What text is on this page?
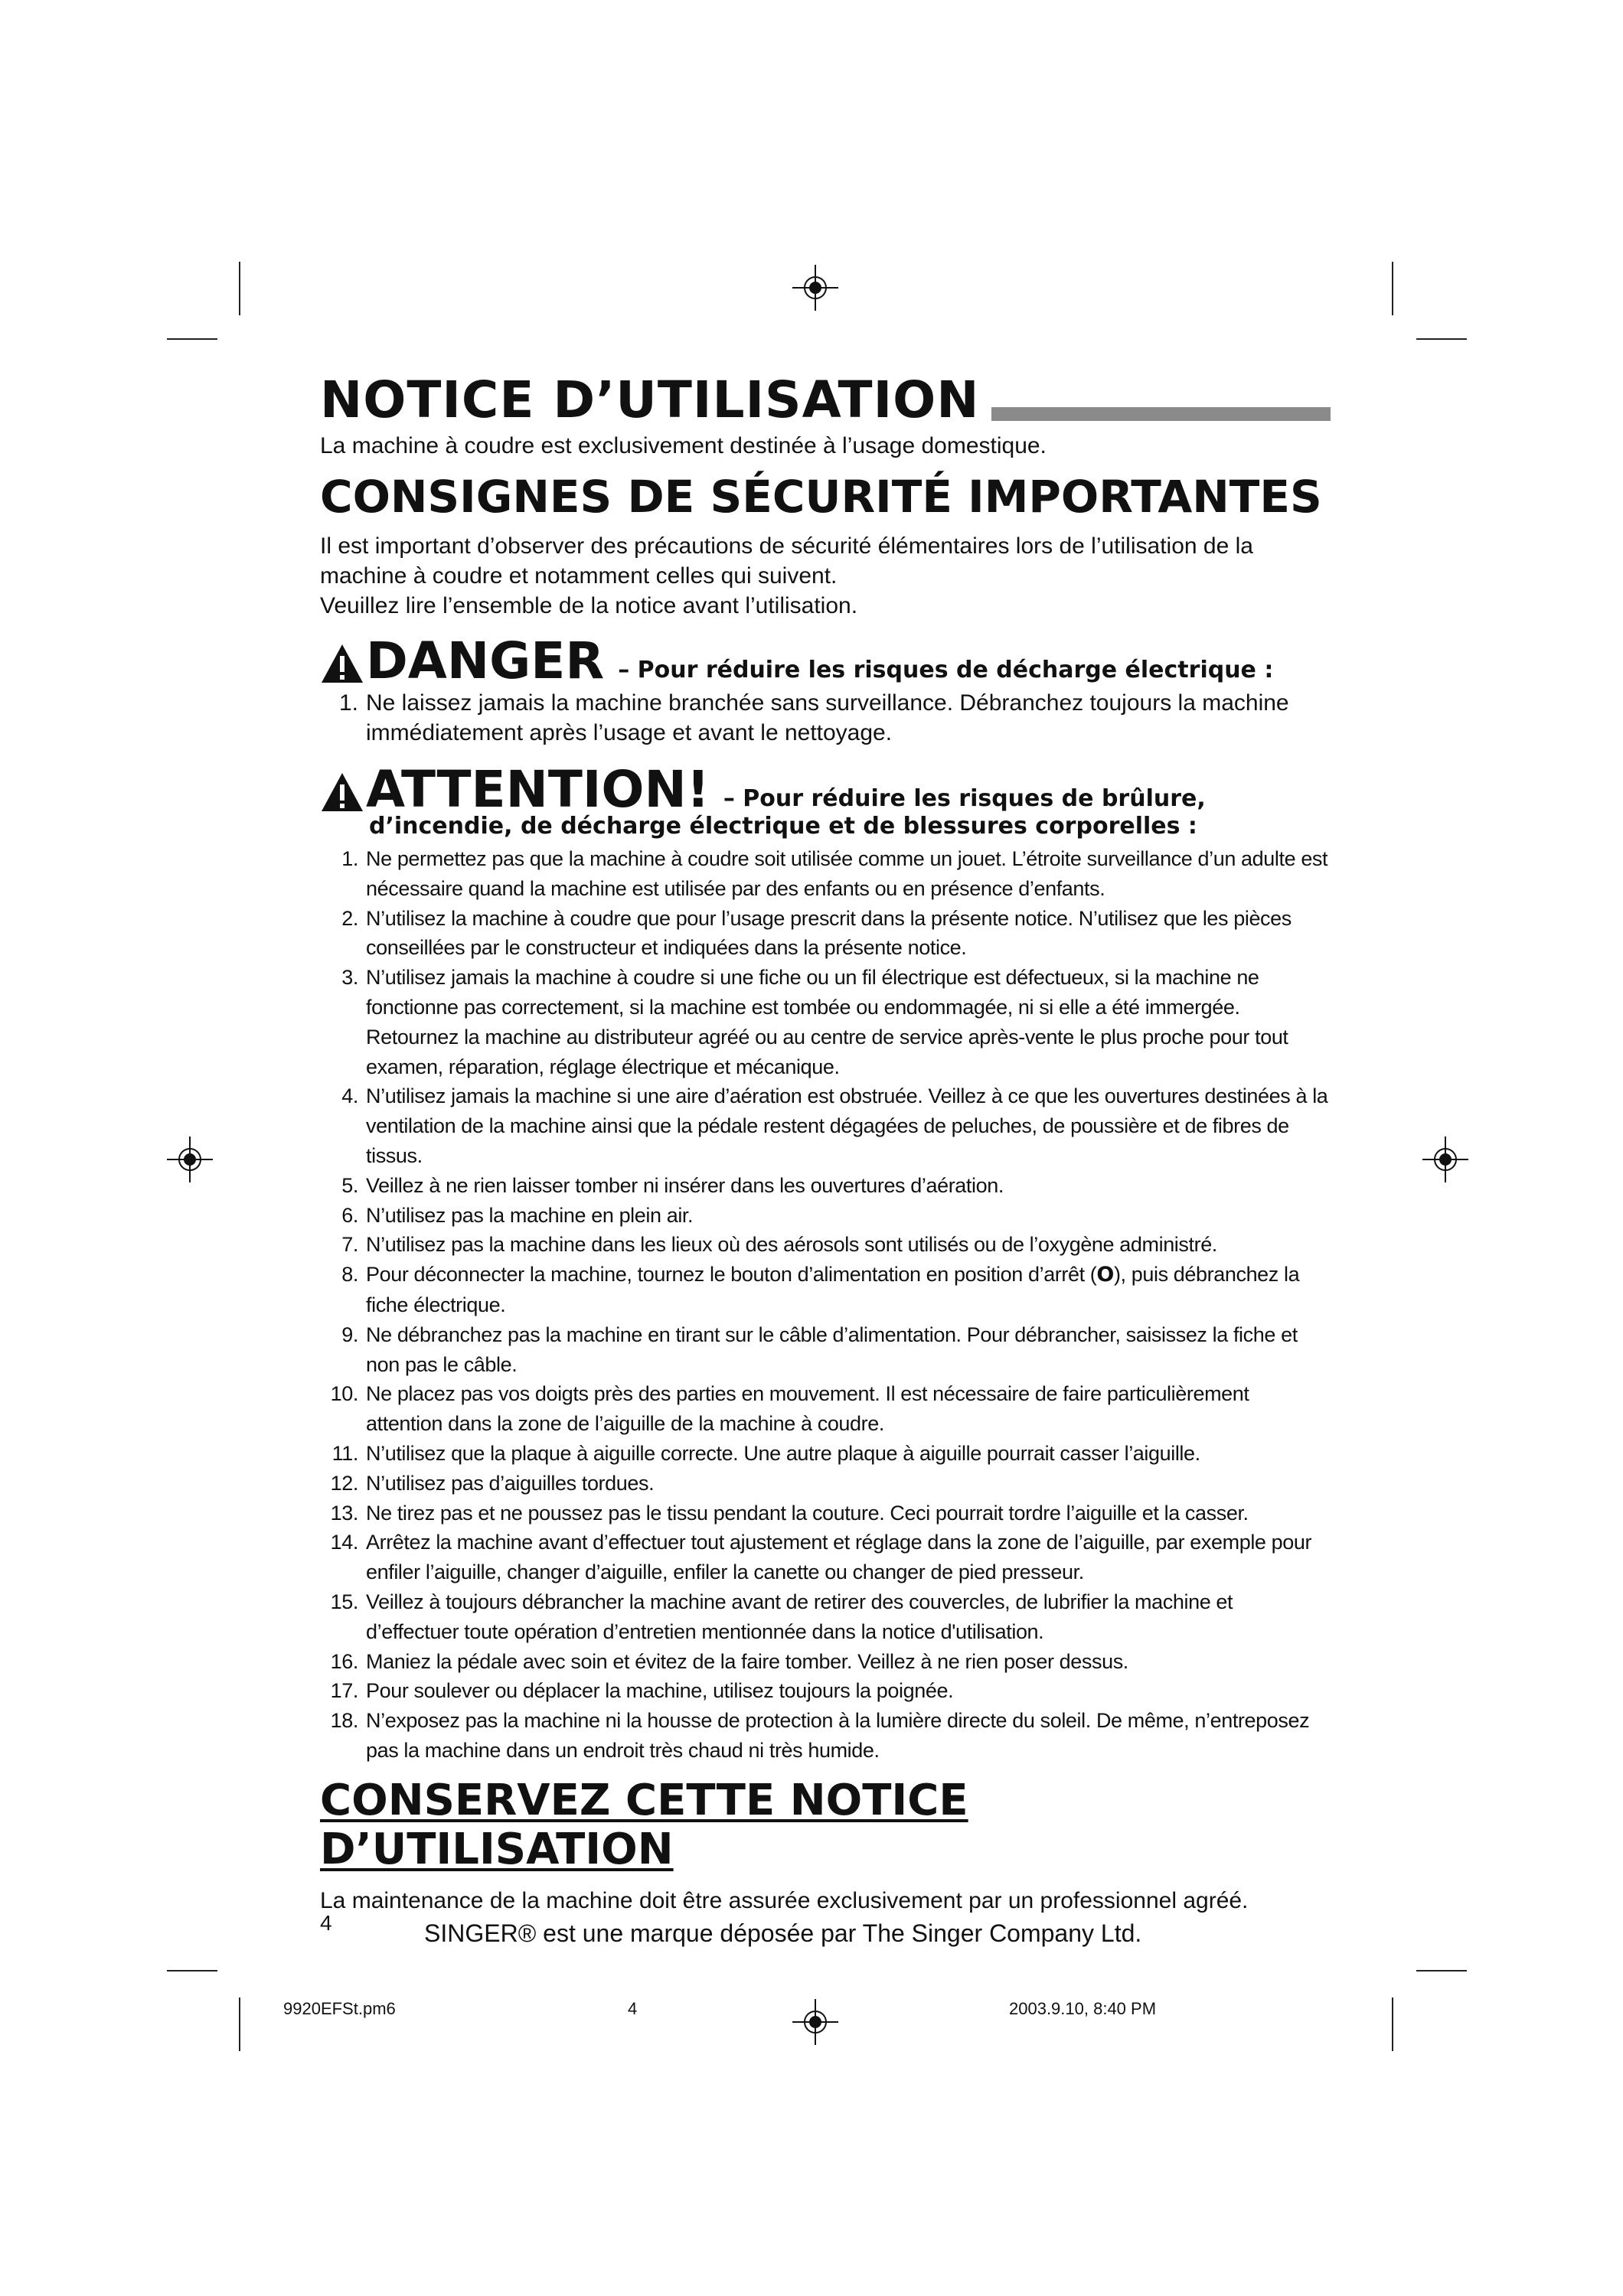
NOTICE D’UTILISATION

La machine à coudre est exclusivement destinée à l’usage domestique.

CONSIGNES DE SÉCURITÉ IMPORTANTES

Il est important d’observer des précautions de sécurité élémentaires lors de l’utilisation de la machine à coudre et notamment celles qui suivent.
Veuillez lire l’ensemble de la notice avant l’utilisation.

DANGER – Pour réduire les risques de décharge électrique :
1. Ne laissez jamais la machine branchée sans surveillance. Débranchez toujours la machine immédiatement après l’usage et avant le nettoyage.
ATTENTION! – Pour réduire les risques de brûlure,
d’incendie, de décharge électrique et de blessures corporelles :
1. Ne permettez pas que la machine à coudre soit utilisée comme un jouet. L’étroite surveillance d’un adulte est nécessaire quand la machine est utilisée par des enfants ou en présence d’enfants.
2. N’utilisez la machine à coudre que pour l’usage prescrit dans la présente notice. N’utilisez que les pièces conseillées par le constructeur et indiquées dans la présente notice.
3. N’utilisez jamais la machine à coudre si une fiche ou un fil électrique est défectueux, si la machine ne fonctionne pas correctement, si la machine est tombée ou endommagée, ni si elle a été immergée. Retournez la machine au distributeur agréé ou au centre de service après-vente le plus proche pour tout examen, réparation, réglage électrique et mécanique.
4. N’utilisez jamais la machine si une aire d’aération est obstruée. Veillez à ce que les ouvertures destinées à la ventilation de la machine ainsi que la pédale restent dégagées de peluches, de poussière et de fibres de tissus.
5. Veillez à ne rien laisser tomber ni insérer dans les ouvertures d’aération.
6. N’utilisez pas la machine en plein air.
7. N’utilisez pas la machine dans les lieux où des aérosols sont utilisés ou de l’oxygène administré.
8. Pour déconnecter la machine, tournez le bouton d’alimentation en position d’arrêt (O), puis débranchez la fiche électrique.
9. Ne débranchez pas la machine en tirant sur le câble d’alimentation. Pour débrancher, saisissez la fiche et non pas le câble.
10. Ne placez pas vos doigts près des parties en mouvement. Il est nécessaire de faire particulièrement attention dans la zone de l’aiguille de la machine à coudre.
11. N’utilisez que la plaque à aiguille correcte. Une autre plaque à aiguille pourrait casser l’aiguille.
12. N’utilisez pas d’aiguilles tordues.
13. Ne tirez pas et ne poussez pas le tissu pendant la couture. Ceci pourrait tordre l’aiguille et la casser.
14. Arrêtez la machine avant d’effectuer tout ajustement et réglage dans la zone de l’aiguille, par exemple pour enfiler l’aiguille, changer d’aiguille, enfiler la canette ou changer de pied presseur.
15. Veillez à toujours débrancher la machine avant de retirer des couvercles, de lubrifier la machine et d’effectuer toute opération d’entretien mentionnée dans la notice d'utilisation.
16. Maniez la pédale avec soin et évitez de la faire tomber. Veillez à ne rien poser dessus.
17. Pour soulever ou déplacer la machine, utilisez toujours la poignée.
18. N’exposez pas la machine ni la housse de protection à la lumière directe du soleil. De même, n’entreposez pas la machine dans un endroit très chaud ni très humide.
CONSERVEZ CETTE NOTICE D’UTILISATION

La maintenance de la machine doit être assurée exclusivement par un professionnel agréé.

SINGER® est une marque déposée par The Singer Company Ltd.

4
9920EFSt.pm6	4	2003.9.10, 8:40 PM
